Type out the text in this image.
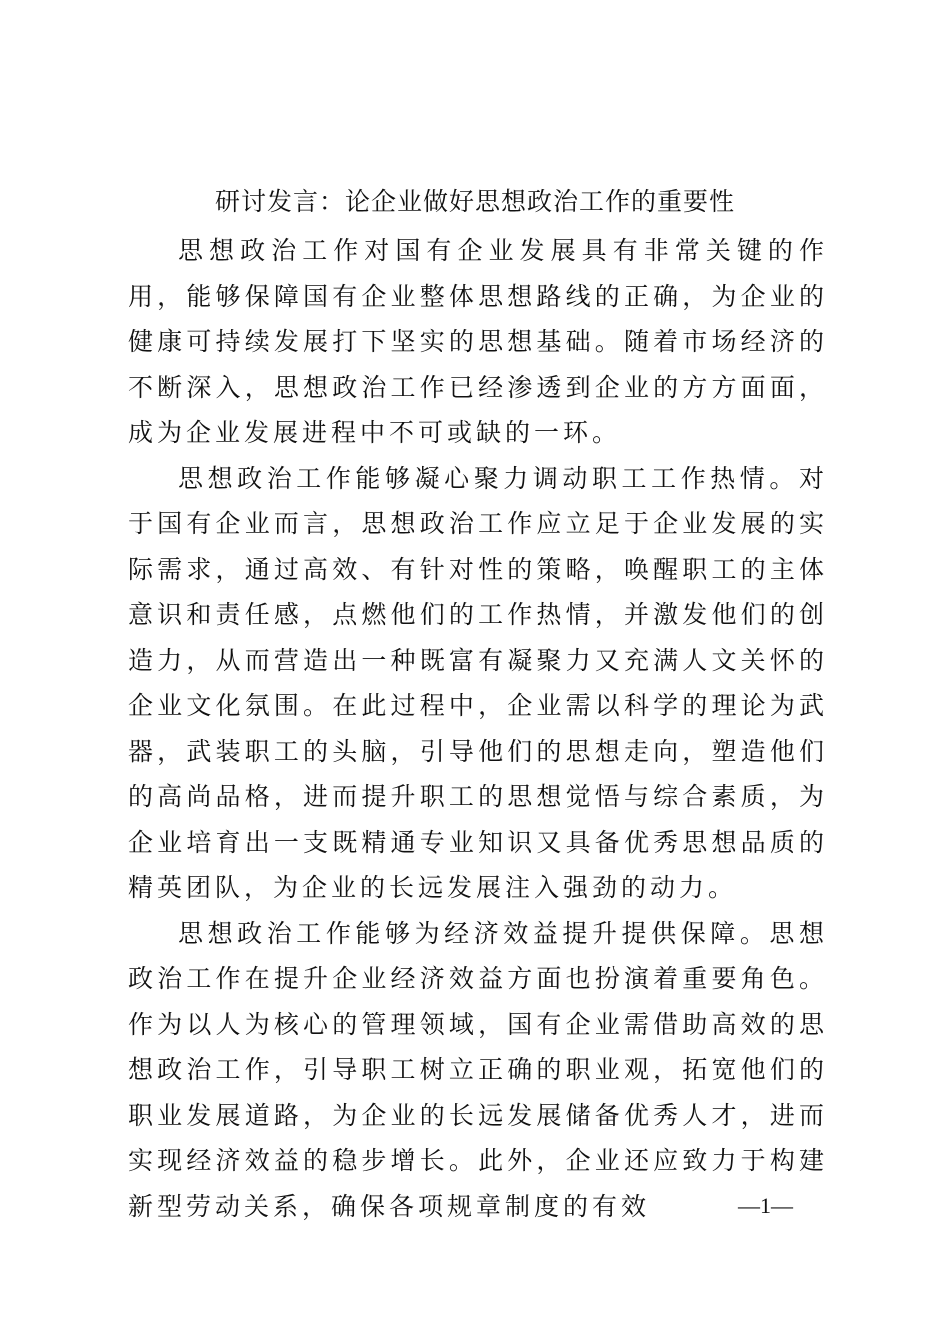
研讨发言：论企业做好思想政治工作的重要性

思想政治工作对国有企业发展具有非常关键的作用，能够保障国有企业整体思想路线的正确，为企业的健康可持续发展打下坚实的思想基础。随着市场经济的不断深入，思想政治工作已经渗透到企业的方方面面，成为企业发展进程中不可或缺的一环。

思想政治工作能够凝心聚力调动职工工作热情。对于国有企业而言，思想政治工作应立足于企业发展的实际需求，通过高效、有针对性的策略，唤醒职工的主体意识和责任感，点燃他们的工作热情，并激发他们的创造力，从而营造出一种既富有凝聚力又充满人文关怀的企业文化氛围。在此过程中，企业需以科学的理论为武器，武装职工的头脑，引导他们的思想走向，塑造他们的高尚品格，进而提升职工的思想觉悟与综合素质，为企业培育出一支既精通专业知识又具备优秀思想品质的精英团队，为企业的长远发展注入强劲的动力。

思想政治工作能够为经济效益提升提供保障。思想政治工作在提升企业经济效益方面也扮演着重要角色。作为以人为核心的管理领域，国有企业需借助高效的思想政治工作，引导职工树立正确的职业观，拓宽他们的职业发展道路，为企业的长远发展储备优秀人才，进而实现经济效益的稳步增长。此外，企业还应致力于构建新型劳动关系，确保各项规章制度的有效	—1—
